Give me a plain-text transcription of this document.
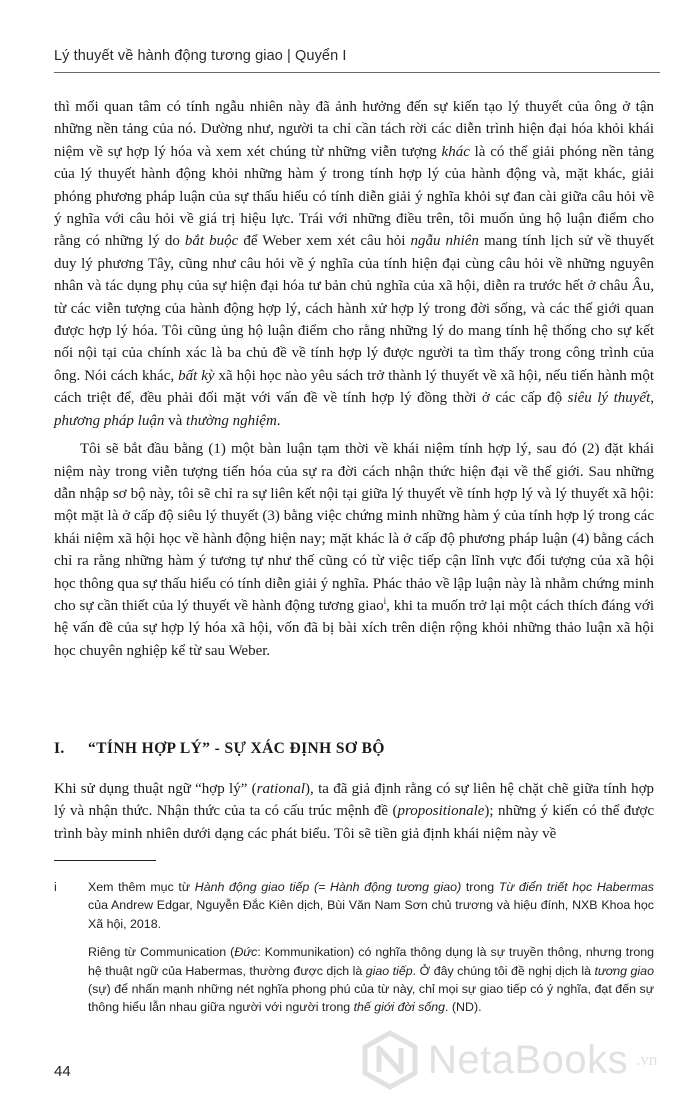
Lý thuyết về hành động tương giao | Quyển I

thì mối quan tâm có tính ngẫu nhiên này đã ảnh hưởng đến sự kiến tạo lý thuyết của ông ở tận những nền tảng của nó. Dường như, người ta chỉ cần tách rời các diễn trình hiện đại hóa khỏi khái niệm về sự hợp lý hóa và xem xét chúng từ những viễn tượng khác là có thể giải phóng nền tảng của lý thuyết hành động khỏi những hàm ý trong tính hợp lý của hành động và, mặt khác, giải phóng phương pháp luận của sự thấu hiểu có tính diễn giải ý nghĩa khỏi sự đan cài giữa câu hỏi về ý nghĩa với câu hỏi về giá trị hiệu lực. Trái với những điều trên, tôi muốn ủng hộ luận điểm cho rằng có những lý do bắt buộc để Weber xem xét câu hỏi ngẫu nhiên mang tính lịch sử về thuyết duy lý phương Tây, cũng như câu hỏi về ý nghĩa của tính hiện đại cùng câu hỏi về những nguyên nhân và tác dụng phụ của sự hiện đại hóa tư bản chủ nghĩa của xã hội, diễn ra trước hết ở châu Âu, từ các viễn tượng của hành động hợp lý, cách hành xử hợp lý trong đời sống, và các thế giới quan được hợp lý hóa. Tôi cũng ủng hộ luận điểm cho rằng những lý do mang tính hệ thống cho sự kết nối nội tại của chính xác là ba chủ đề về tính hợp lý được người ta tìm thấy trong công trình của ông. Nói cách khác, bất kỳ xã hội học nào yêu sách trở thành lý thuyết về xã hội, nếu tiến hành một cách triệt để, đều phải đối mặt với vấn đề về tính hợp lý đồng thời ở các cấp độ siêu lý thuyết, phương pháp luận và thường nghiệm.

Tôi sẽ bắt đầu bằng (1) một bàn luận tạm thời về khái niệm tính hợp lý, sau đó (2) đặt khái niệm này trong viễn tượng tiến hóa của sự ra đời cách nhận thức hiện đại về thế giới. Sau những dẫn nhập sơ bộ này, tôi sẽ chỉ ra sự liên kết nội tại giữa lý thuyết về tính hợp lý và lý thuyết xã hội: một mặt là ở cấp độ siêu lý thuyết (3) bằng việc chứng minh những hàm ý của tính hợp lý trong các khái niệm xã hội học về hành động hiện nay; mặt khác là ở cấp độ phương pháp luận (4) bằng cách chỉ ra rằng những hàm ý tương tự như thế cũng có từ việc tiếp cận lĩnh vực đối tượng của xã hội học thông qua sự thấu hiểu có tính diễn giải ý nghĩa. Phác thảo về lập luận này là nhằm chứng minh cho sự cần thiết của lý thuyết về hành động tương giao$^i$, khi ta muốn trở lại một cách thích đáng với hệ vấn đề của sự hợp lý hóa xã hội, vốn đã bị bài xích trên diện rộng khỏi những thảo luận xã hội học chuyên nghiệp kể từ sau Weber.

I. “TÍNH HỢP LÝ” - SỰ XÁC ĐỊNH SƠ BỘ

Khi sử dụng thuật ngữ “hợp lý” (rational), ta đã giả định rằng có sự liên hệ chặt chẽ giữa tính hợp lý và nhận thức. Nhận thức của ta có cấu trúc mệnh đề (propositionale); những ý kiến có thể được trình bày minh nhiên dưới dạng các phát biểu. Tôi sẽ tiền giả định khái niệm này về

i	Xem thêm mục từ Hành động giao tiếp (= Hành động tương giao) trong Từ điển triết học Habermas của Andrew Edgar, Nguyễn Đắc Kiên dịch, Bùi Văn Nam Sơn chủ trương và hiệu đính, NXB Khoa học Xã hội, 2018.

Riêng từ Communication (Đức: Kommunikation) có nghĩa thông dụng là sự truyền thông, nhưng trong hệ thuật ngữ của Habermas, thường được dịch là giao tiếp. Ở đây chúng tôi đề nghị dịch là tương giao (sự) để nhấn mạnh những nét nghĩa phong phú của từ này, chỉ mọi sự giao tiếp có ý nghĩa, đạt đến sự thông hiểu lẫn nhau giữa người với người trong thế giới đời sống. (ND).

44	NetaBooks .vn
